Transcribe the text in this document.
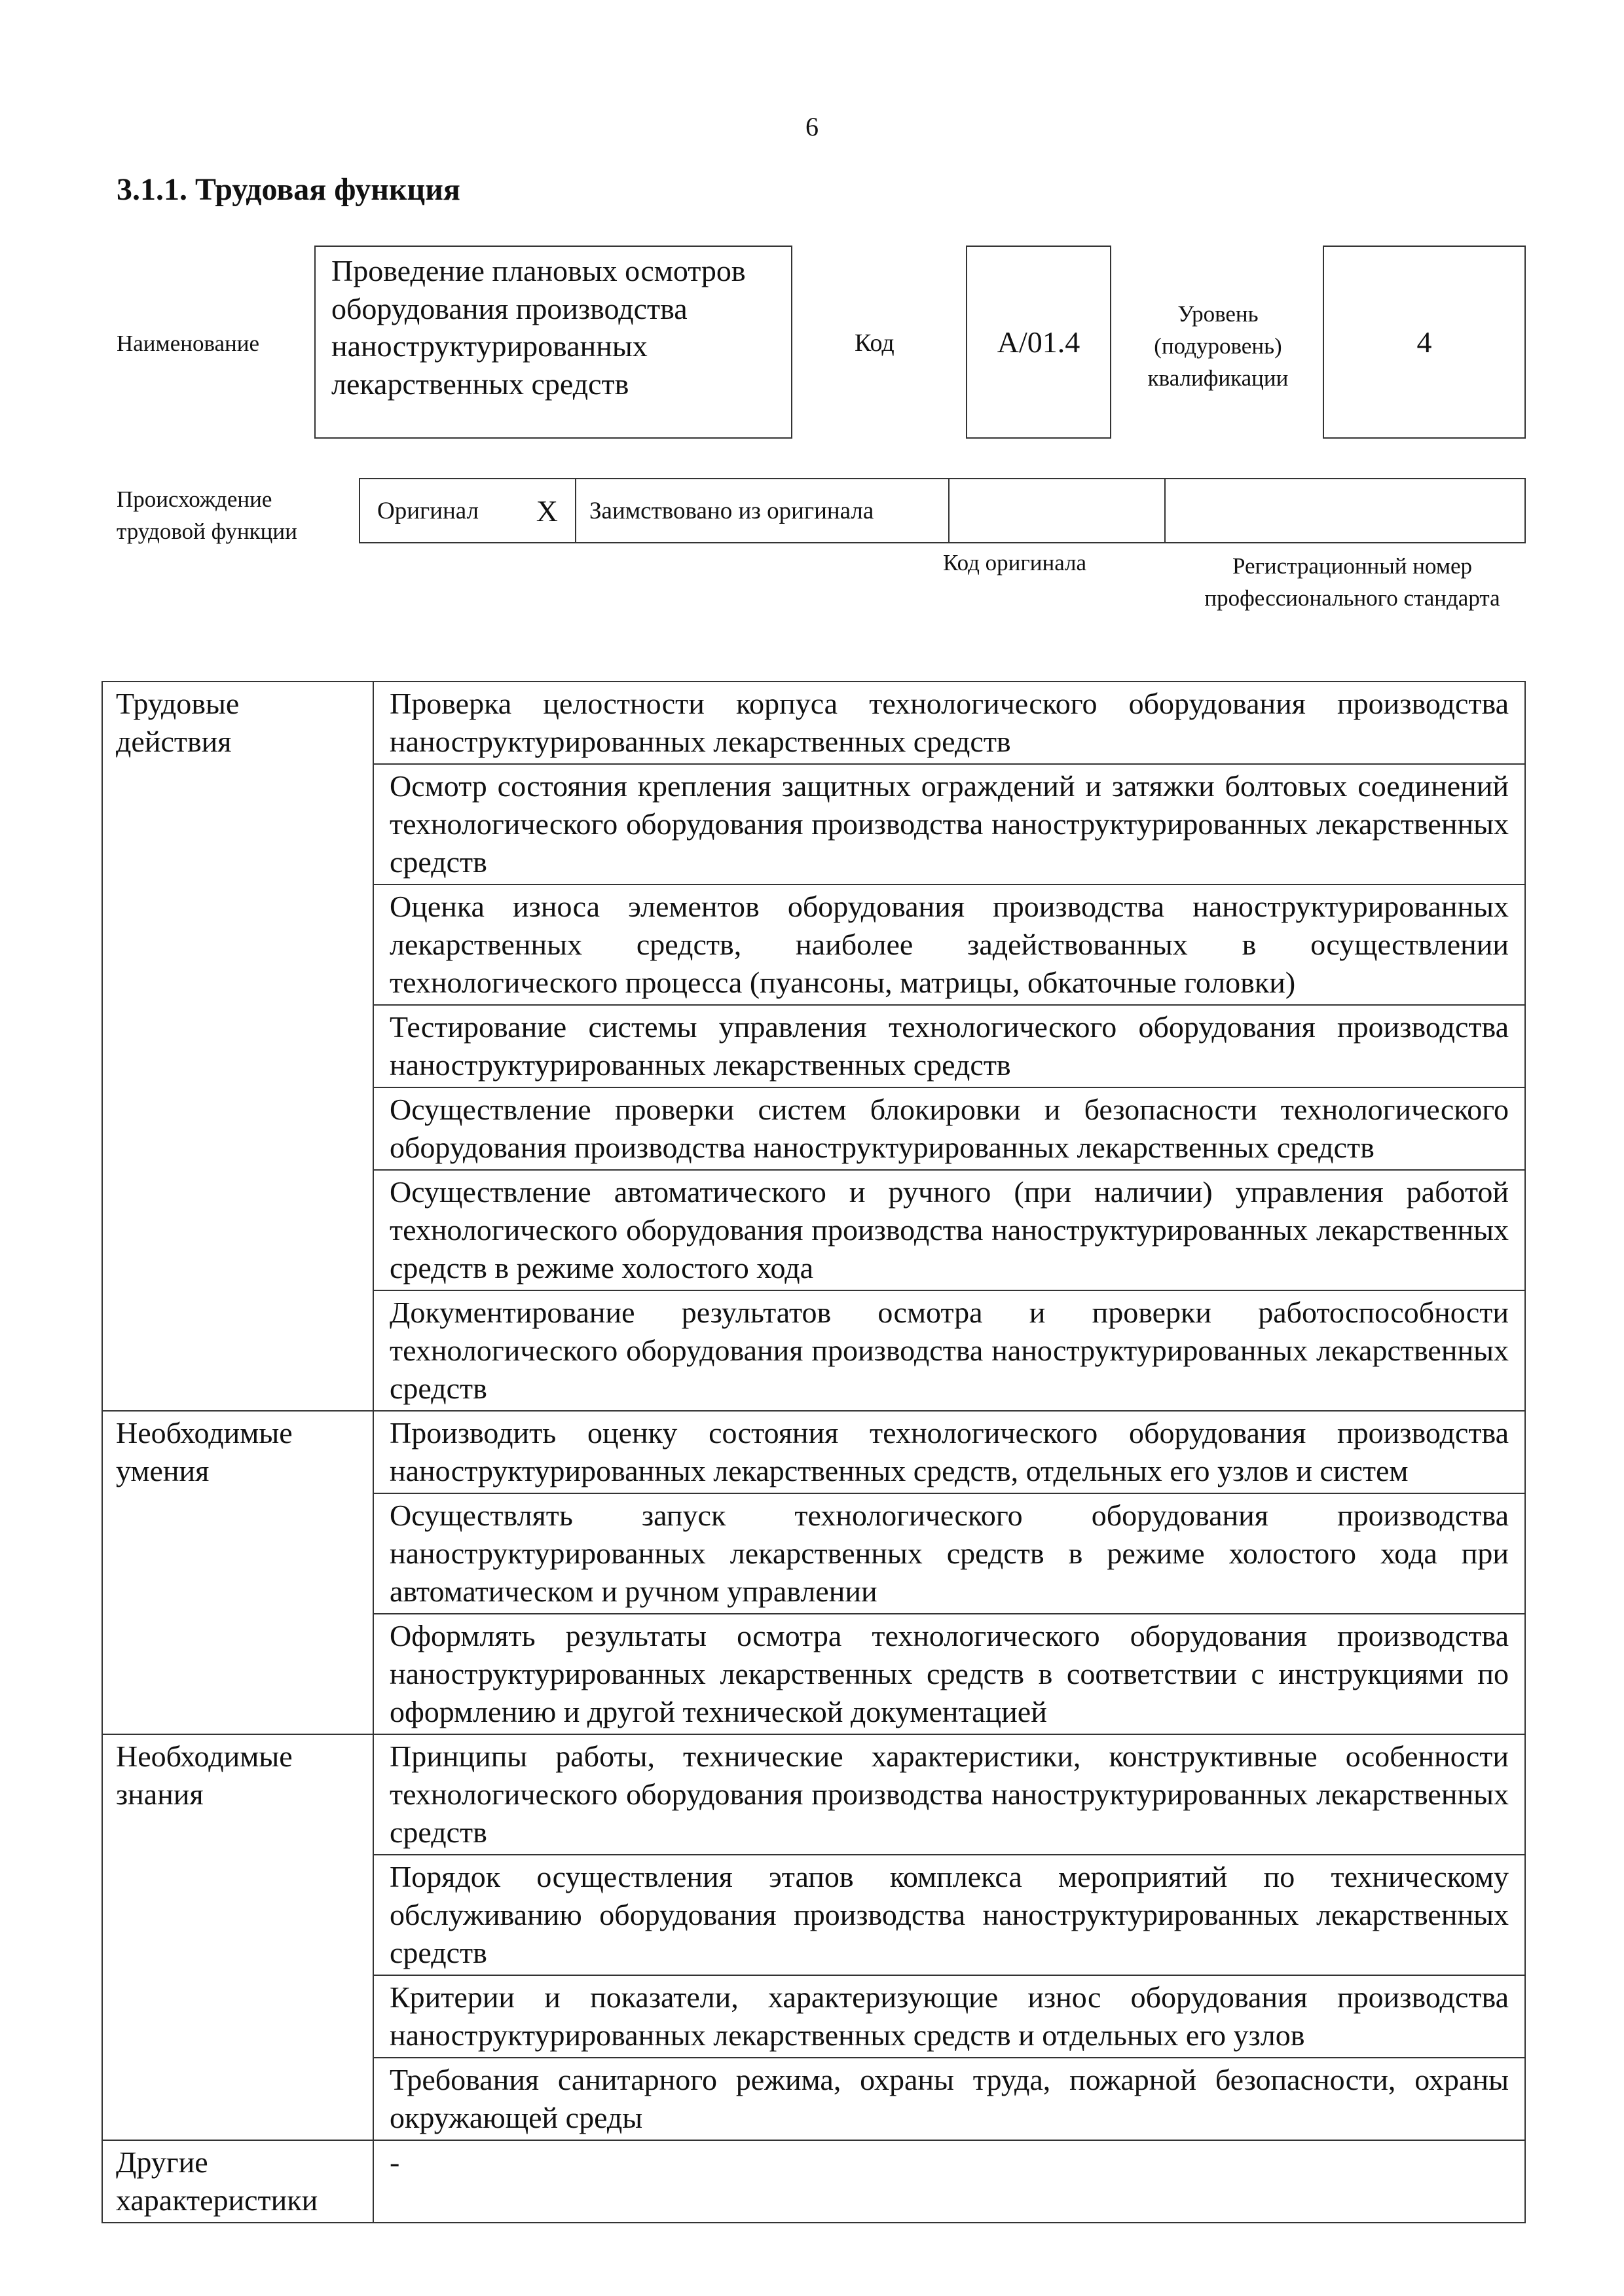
6
3.1.1. Трудовая функция
Наименование
Проведение плановых осмотров оборудования производства наноструктурированных лекарственных средств
Код	A/01.4
Уровень (подуровень) квалификации
4
Происхождение трудовой функции
Оригинал X	Заимствовано из оригинала
Код оригинала	Регистрационный номер профессионального стандарта
Трудовые действия	Проверка целостности корпуса технологического оборудования производства наноструктурированных лекарственных средств
	Осмотр состояния крепления защитных ограждений и затяжки болтовых соединений технологического оборудования производства наноструктурированных лекарственных средств
	Оценка износа элементов оборудования производства наноструктурированных лекарственных средств, наиболее задействованных в осуществлении технологического процесса (пуансоны, матрицы, обкаточные головки)
	Тестирование системы управления технологического оборудования производства наноструктурированных лекарственных средств
	Осуществление проверки систем блокировки и безопасности технологического оборудования производства наноструктурированных лекарственных средств
	Осуществление автоматического и ручного (при наличии) управления работой технологического оборудования производства наноструктурированных лекарственных средств в режиме холостого хода
	Документирование результатов осмотра и проверки работоспособности технологического оборудования производства наноструктурированных лекарственных средств
Необходимые умения	Производить оценку состояния технологического оборудования производства наноструктурированных лекарственных средств, отдельных его узлов и систем
	Осуществлять запуск технологического оборудования производства наноструктурированных лекарственных средств в режиме холостого хода при автоматическом и ручном управлении
	Оформлять результаты осмотра технологического оборудования производства наноструктурированных лекарственных средств в соответствии с инструкциями по оформлению и другой технической документацией
Необходимые знания	Принципы работы, технические характеристики, конструктивные особенности технологического оборудования производства наноструктурированных лекарственных средств
	Порядок осуществления этапов комплекса мероприятий по техническому обслуживанию оборудования производства наноструктурированных лекарственных средств
	Критерии и показатели, характеризующие износ оборудования производства наноструктурированных лекарственных средств и отдельных его узлов
	Требования санитарного режима, охраны труда, пожарной безопасности, охраны окружающей среды
Другие характеристики	-
